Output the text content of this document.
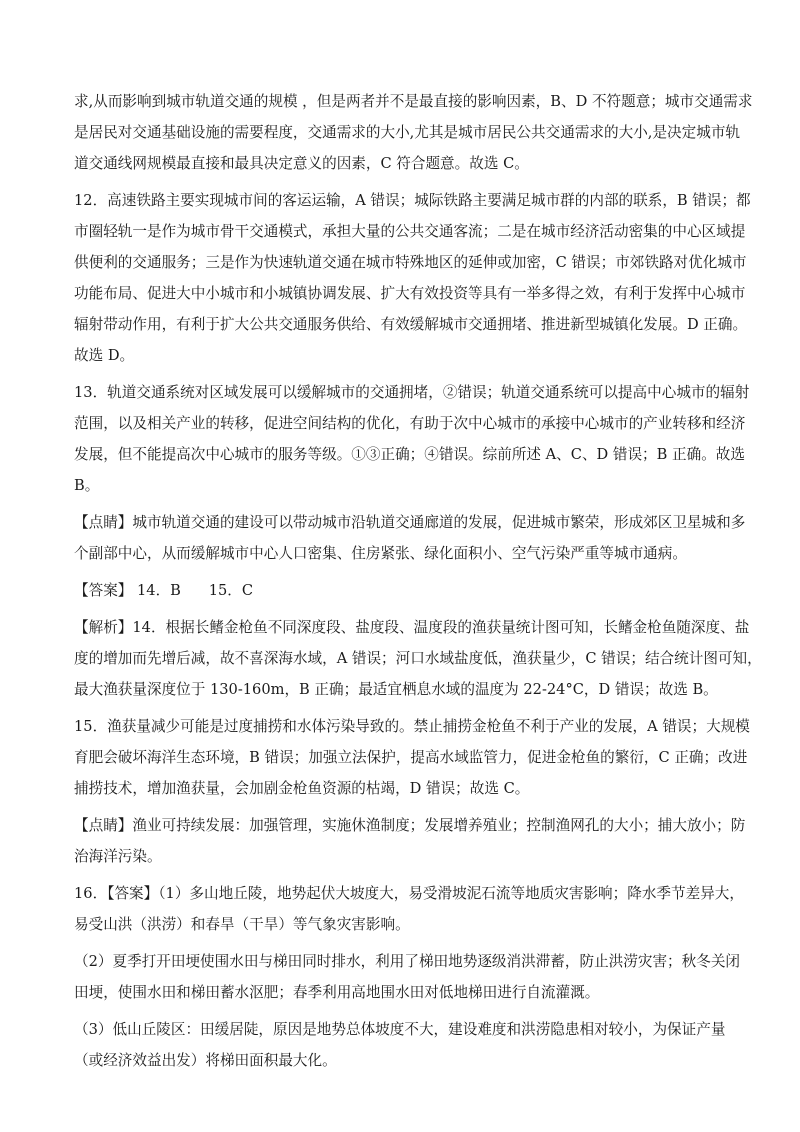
求,从而影响到城市轨道交通的规模 ，但是两者并不是最直接的影响因素，B、D 不符题意；城市交通需求
是居民对交通基础设施的需要程度，交通需求的大小,尤其是城市居民公共交通需求的大小,是决定城市轨
道交通线网规模最直接和最具决定意义的因素，C 符合题意。故选 C。
12．高速铁路主要实现城市间的客运运输，A 错误；城际铁路主要满足城市群的内部的联系，B 错误；都
市圈轻轨一是作为城市骨干交通模式，承担大量的公共交通客流；二是在城市经济活动密集的中心区域提
供便利的交通服务；三是作为快速轨道交通在城市特殊地区的延伸或加密，C 错误；市郊铁路对优化城市
功能布局、促进大中小城市和小城镇协调发展、扩大有效投资等具有一举多得之效，有利于发挥中心城市
辐射带动作用，有利于扩大公共交通服务供给、有效缓解城市交通拥堵、推进新型城镇化发展。D 正确。
故选 D。
13．轨道交通系统对区域发展可以缓解城市的交通拥堵，②错误；轨道交通系统可以提高中心城市的辐射
范围，以及相关产业的转移，促进空间结构的优化，有助于次中心城市的承接中心城市的产业转移和经济
发展，但不能提高次中心城市的服务等级。①③正确；④错误。综前所述 A、C、D 错误；B 正确。故选
B。
【点睛】城市轨道交通的建设可以带动城市沿轨道交通廊道的发展，促进城市繁荣，形成郊区卫星城和多
个副部中心，从而缓解城市中心人口密集、住房紧张、绿化面积小、空气污染严重等城市通病。
【答案】 14．B      15．C
【解析】14．根据长鳍金枪鱼不同深度段、盐度段、温度段的渔获量统计图可知，长鳍金枪鱼随深度、盐
度的增加而先增后减，故不喜深海水域，A 错误；河口水域盐度低，渔获量少，C 错误；结合统计图可知，
最大渔获量深度位于 130-160m，B 正确；最适宜栖息水域的温度为 22-24°C，D 错误；故选 B。
15．渔获量减少可能是过度捕捞和水体污染导致的。禁止捕捞金枪鱼不利于产业的发展，A 错误；大规模
育肥会破坏海洋生态环境，B 错误；加强立法保护，提高水域监管力，促进金枪鱼的繁衍，C 正确；改进
捕捞技术，增加渔获量，会加剧金枪鱼资源的枯竭，D 错误；故选 C。
【点睛】渔业可持续发展：加强管理，实施休渔制度；发展增养殖业；控制渔网孔的大小；捕大放小；防
治海洋污染。
16．【答案】（1）多山地丘陵，地势起伏大坡度大，易受滑坡泥石流等地质灾害影响；降水季节差异大，
易受山洪（洪涝）和春旱（干旱）等气象灾害影响。
（2）夏季打开田埂使围水田与梯田同时排水，利用了梯田地势逐级消洪滞蓄，防止洪涝灾害；秋冬关闭
田埂，使围水田和梯田蓄水沤肥；春季利用高地围水田对低地梯田进行自流灌溉。
（3）低山丘陵区：田缓居陡，原因是地势总体坡度不大，建设难度和洪涝隐患相对较小，为保证产量
（或经济效益出发）将梯田面积最大化。
